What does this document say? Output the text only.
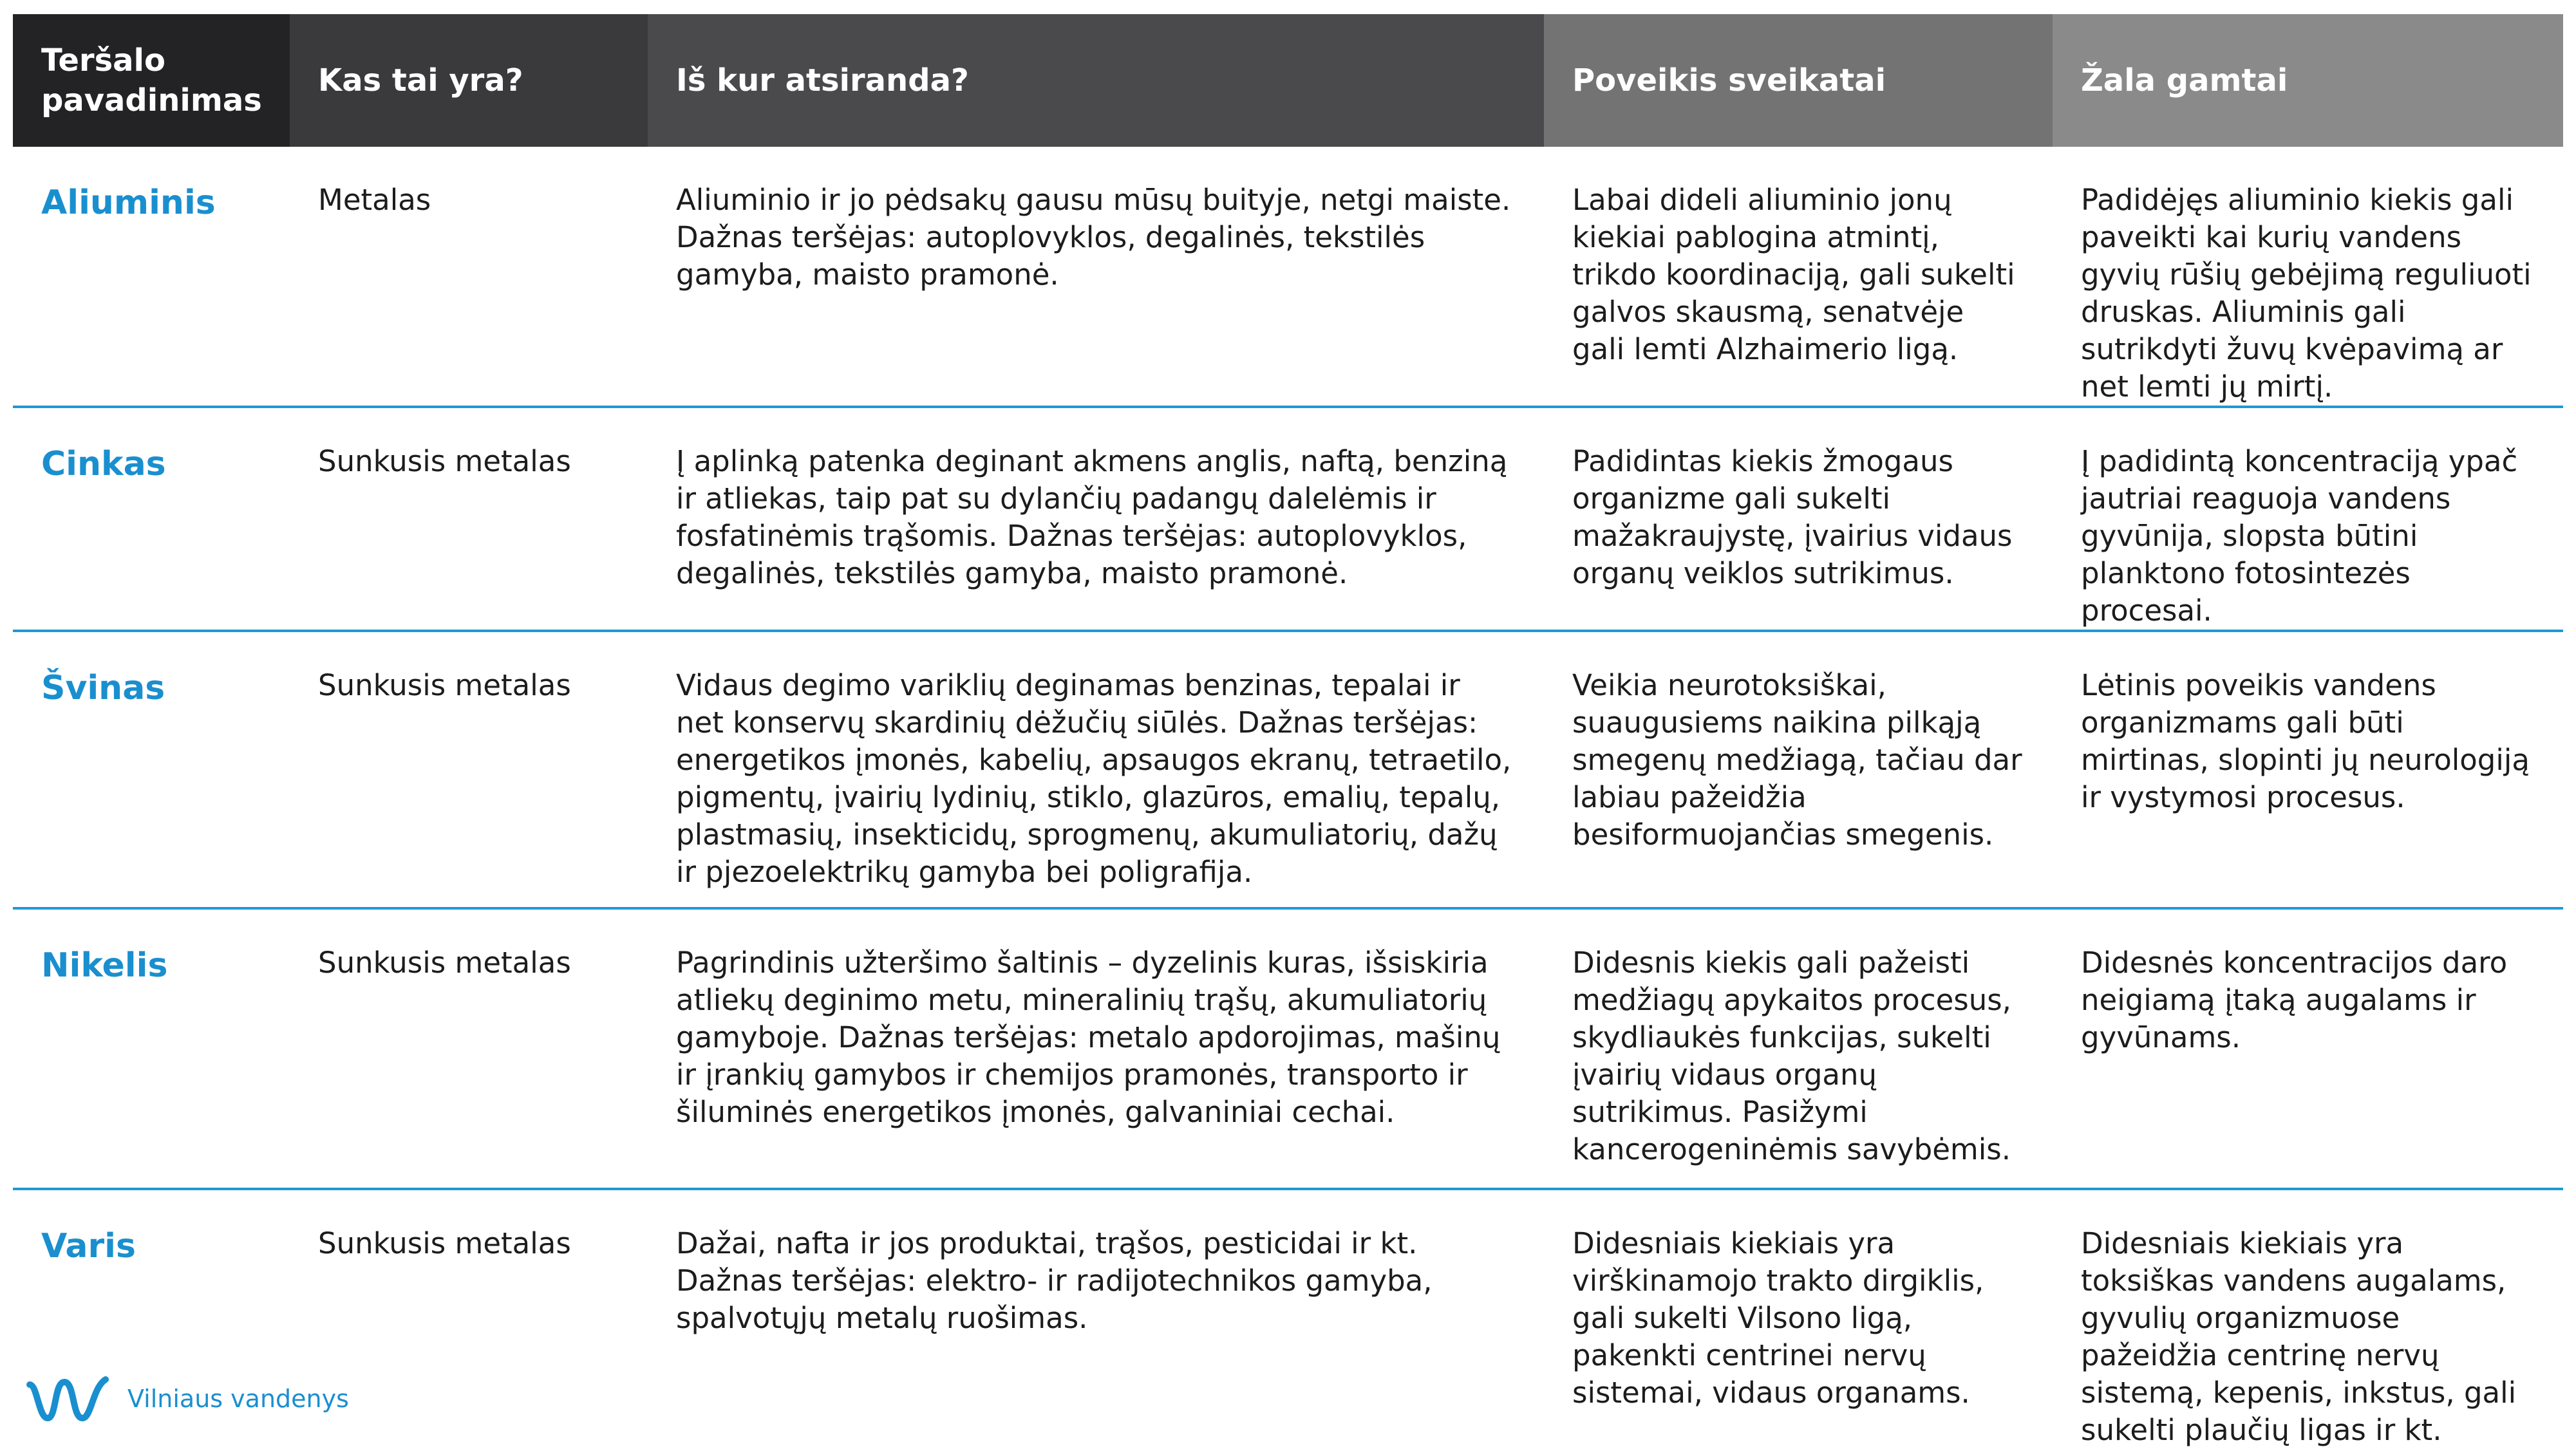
Teršalo pavadinimas	Kas tai yra?	Iš kur atsiranda?	Poveikis sveikatai	Žala gamtai
Aliuminis	Metalas	Aliuminio ir jo pėdsakų gausu mūsų buityje, netgi maiste. Dažnas teršėjas: autoplovyklos, degalinės, tekstilės gamyba, maisto pramonė.	Labai dideli aliuminio jonų kiekiai pablogina atmintį, trikdo koordinaciją, gali sukelti galvos skausmą, senatvėje gali lemti Alzhaimerio ligą.	Padidėjęs aliuminio kiekis gali paveikti kai kurių vandens gyvių rūšių gebėjimą reguliuoti druskas. Aliuminis gali sutrikdyti žuvų kvėpavimą ar net lemti jų mirtį.
Cinkas	Sunkusis metalas	Į aplinką patenka deginant akmens anglis, naftą, benziną ir atliekas, taip pat su dylančių padangų dalelėmis ir fosfatinėmis trąšomis. Dažnas teršėjas: autoplovyklos, degalinės, tekstilės gamyba, maisto pramonė.	Padidintas kiekis žmogaus organizme gali sukelti mažakraujystę, įvairius vidaus organų veiklos sutrikimus.	Į padidintą koncentraciją ypač jautriai reaguoja vandens gyvūnija, slopsta būtini planktono fotosintezės procesai.
Švinas	Sunkusis metalas	Vidaus degimo variklių deginamas benzinas, tepalai ir net konservų skardinių dėžučių siūlės. Dažnas teršėjas: energetikos įmonės, kabelių, apsaugos ekranų, tetraetilo, pigmentų, įvairių lydinių, stiklo, glazūros, emalių, tepalų, plastmasių, insekticidų, sprogmenų, akumuliatorių, dažų ir pjezoelektrikų gamyba bei poligrafija.	Veikia neurotoksiškai, suaugusiems naikina pilkąją smegenų medžiagą, tačiau dar labiau pažeidžia besiformuojančias smegenis.	Lėtinis poveikis vandens organizmams gali būti mirtinas, slopinti jų neurologiją ir vystymosi procesus.
Nikelis	Sunkusis metalas	Pagrindinis užteršimo šaltinis – dyzelinis kuras, išsiskiria atliekų deginimo metu, mineralinių trąšų, akumuliatorių gamyboje. Dažnas teršėjas: metalo apdorojimas, mašinų ir įrankių gamybos ir chemijos pramonės, transporto ir šiluminės energetikos įmonės, galvaniniai cechai.	Didesnis kiekis gali pažeisti medžiagų apykaitos procesus, skydliaukės funkcijas, sukelti įvairių vidaus organų sutrikimus. Pasižymi kancerogeninėmis savybėmis.	Didesnės koncentracijos daro neigiamą įtaką augalams ir gyvūnams.
Varis	Sunkusis metalas	Dažai, nafta ir jos produktai, trąšos, pesticidai ir kt. Dažnas teršėjas: elektro- ir radijotechnikos gamyba, spalvotųjų metalų ruošimas.	Didesniais kiekiais yra virškinamojo trakto dirgiklis, gali sukelti Vilsono ligą, pakenkti centrinei nervų sistemai, vidaus organams.	Didesniais kiekiais yra toksiškas vandens augalams, gyvulių organizmuose pažeidžia centrinę nervų sistemą, kepenis, inkstus, gali sukelti plaučių ligas ir kt.
Vilniaus vandenys
